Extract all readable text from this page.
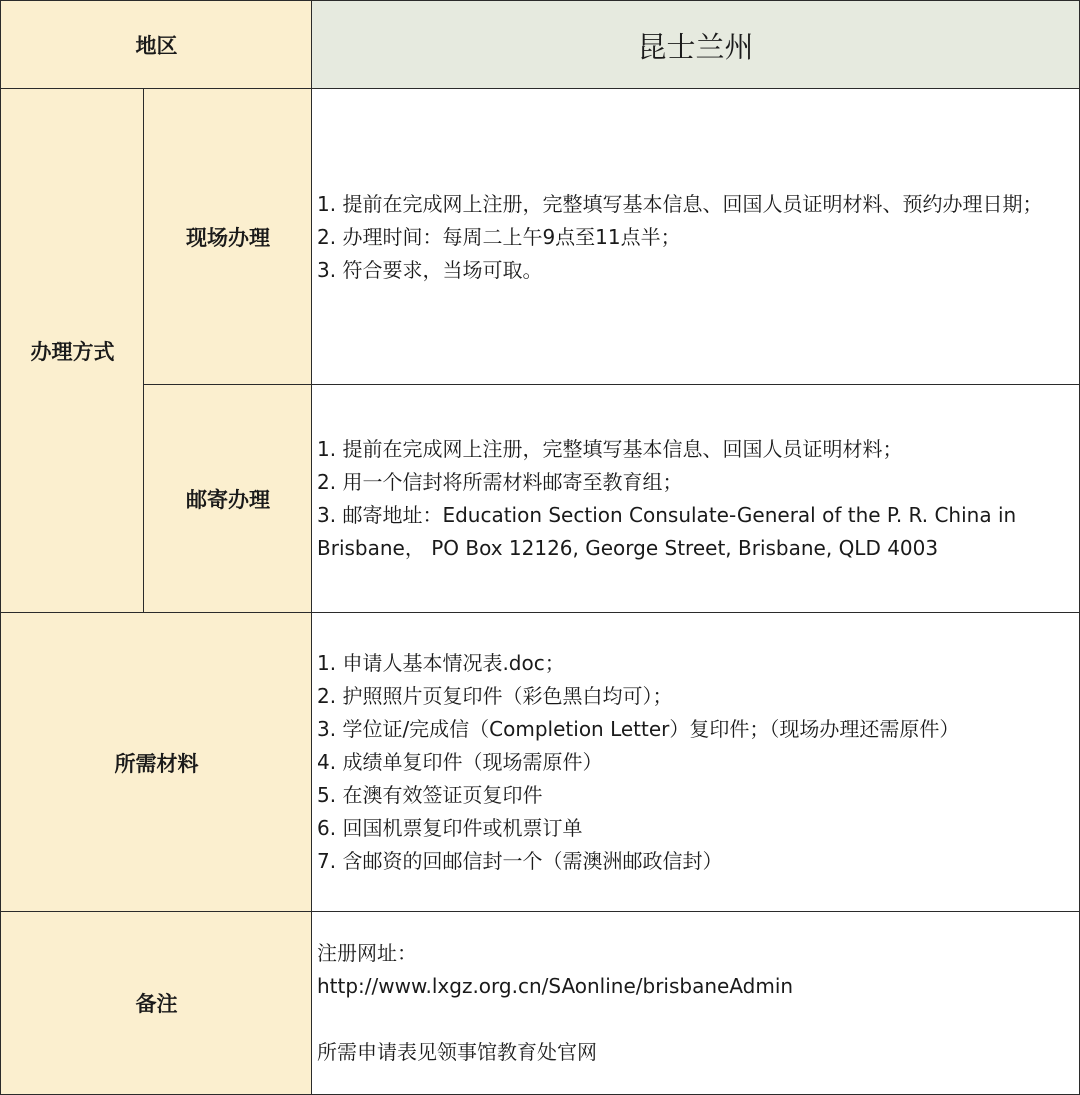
地区	昆士兰州
办理方式
现场办理
1. 提前在完成网上注册，完整填写基本信息、回国人员证明材料、预约办理日期；
2. 办理时间：每周二上午9点至11点半；
3. 符合要求，当场可取。
邮寄办理
1. 提前在完成网上注册，完整填写基本信息、回国人员证明材料；
2. 用一个信封将所需材料邮寄至教育组；
3. 邮寄地址：Education Section Consulate-General of the P. R. China in Brisbane， PO Box 12126, George Street, Brisbane, QLD 4003
所需材料
1. 申请人基本情况表.doc；
2. 护照照片页复印件（彩色黑白均可）；
3. 学位证/完成信（Completion Letter）复印件；（现场办理还需原件）
4. 成绩单复印件（现场需原件）
5. 在澳有效签证页复印件
6. 回国机票复印件或机票订单
7. 含邮资的回邮信封一个（需澳洲邮政信封）
备注
注册网址：
http://www.lxgz.org.cn/SAonline/brisbaneAdmin
所需申请表见领事馆教育处官网
